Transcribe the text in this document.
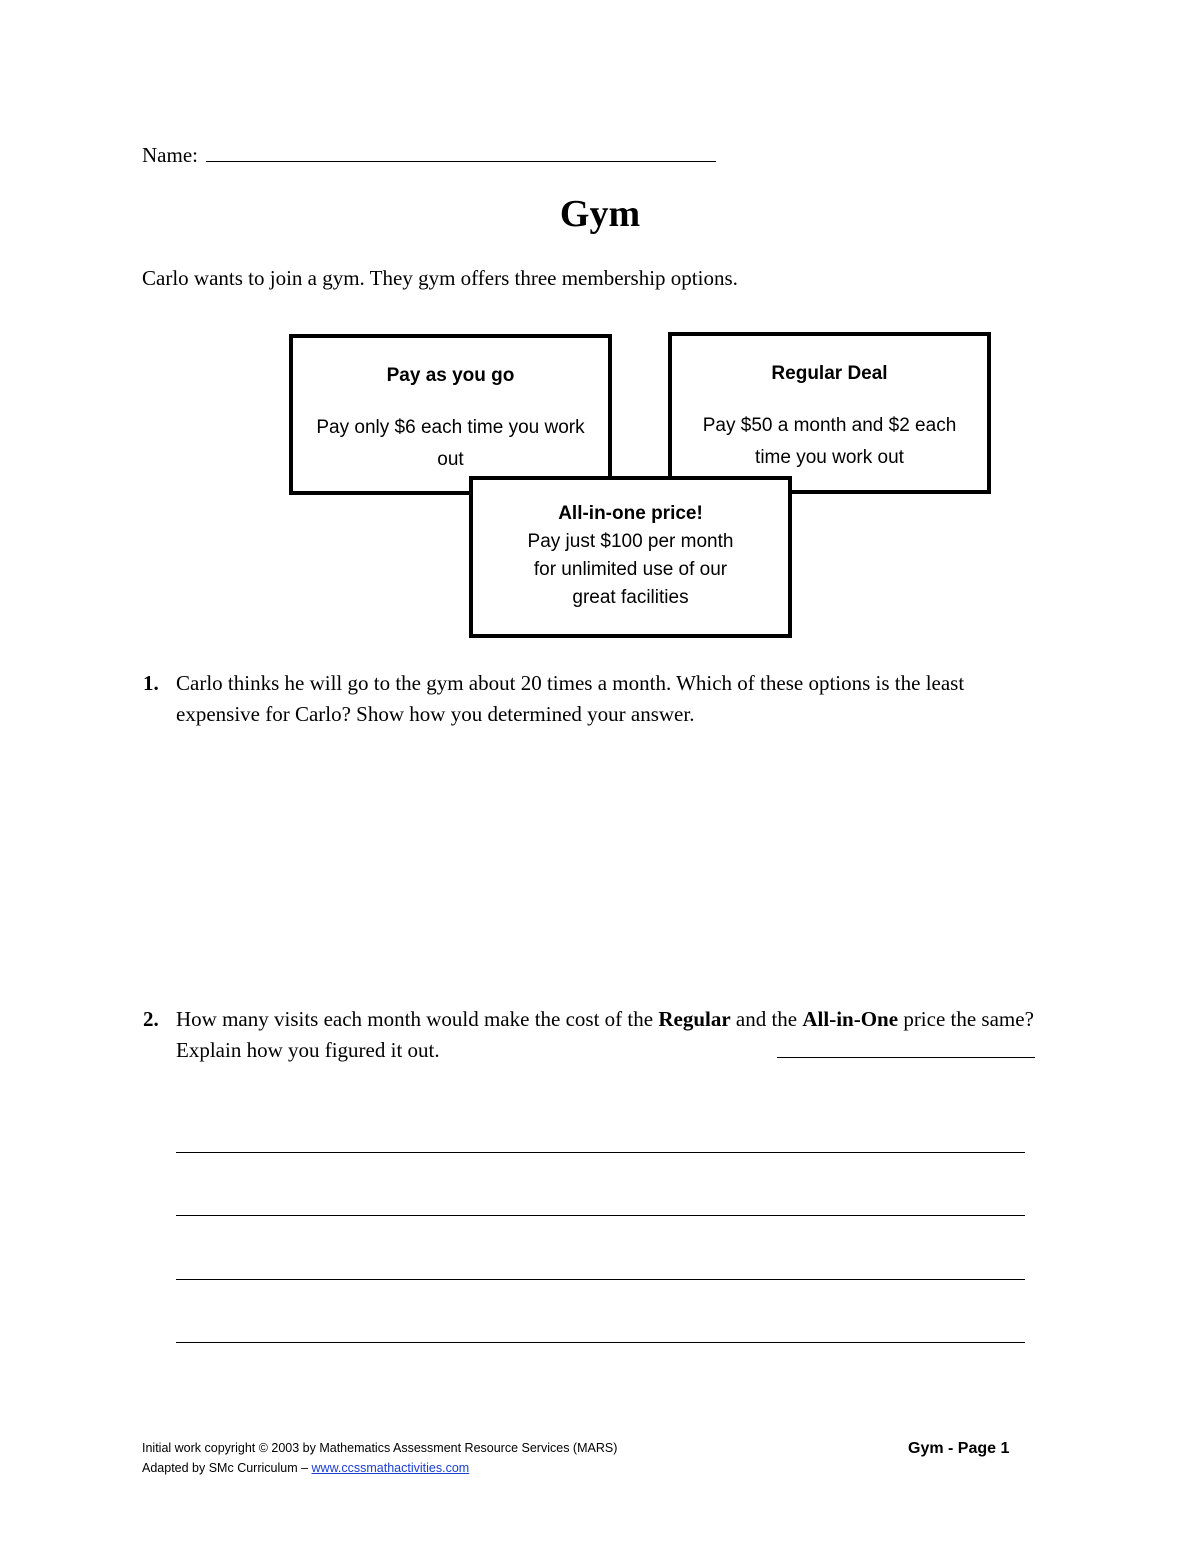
Name:
Gym
Carlo wants to join a gym. They gym offers three membership options.
Pay as you go
Pay only $6 each time you work out
Regular Deal
Pay $50 a month and $2 each time you work out
All-in-one price!
Pay just $100 per month
for unlimited use of our
great facilities
1. Carlo thinks he will go to the gym about 20 times a month. Which of these options is the least expensive for Carlo? Show how you determined your answer.
2. How many visits each month would make the cost of the Regular and the All-in-One price the same?
Explain how you figured it out.
Initial work copyright © 2003 by Mathematics Assessment Resource Services (MARS)
Adapted by SMc Curriculum – www.ccssmathactivities.com
Gym - Page 1
